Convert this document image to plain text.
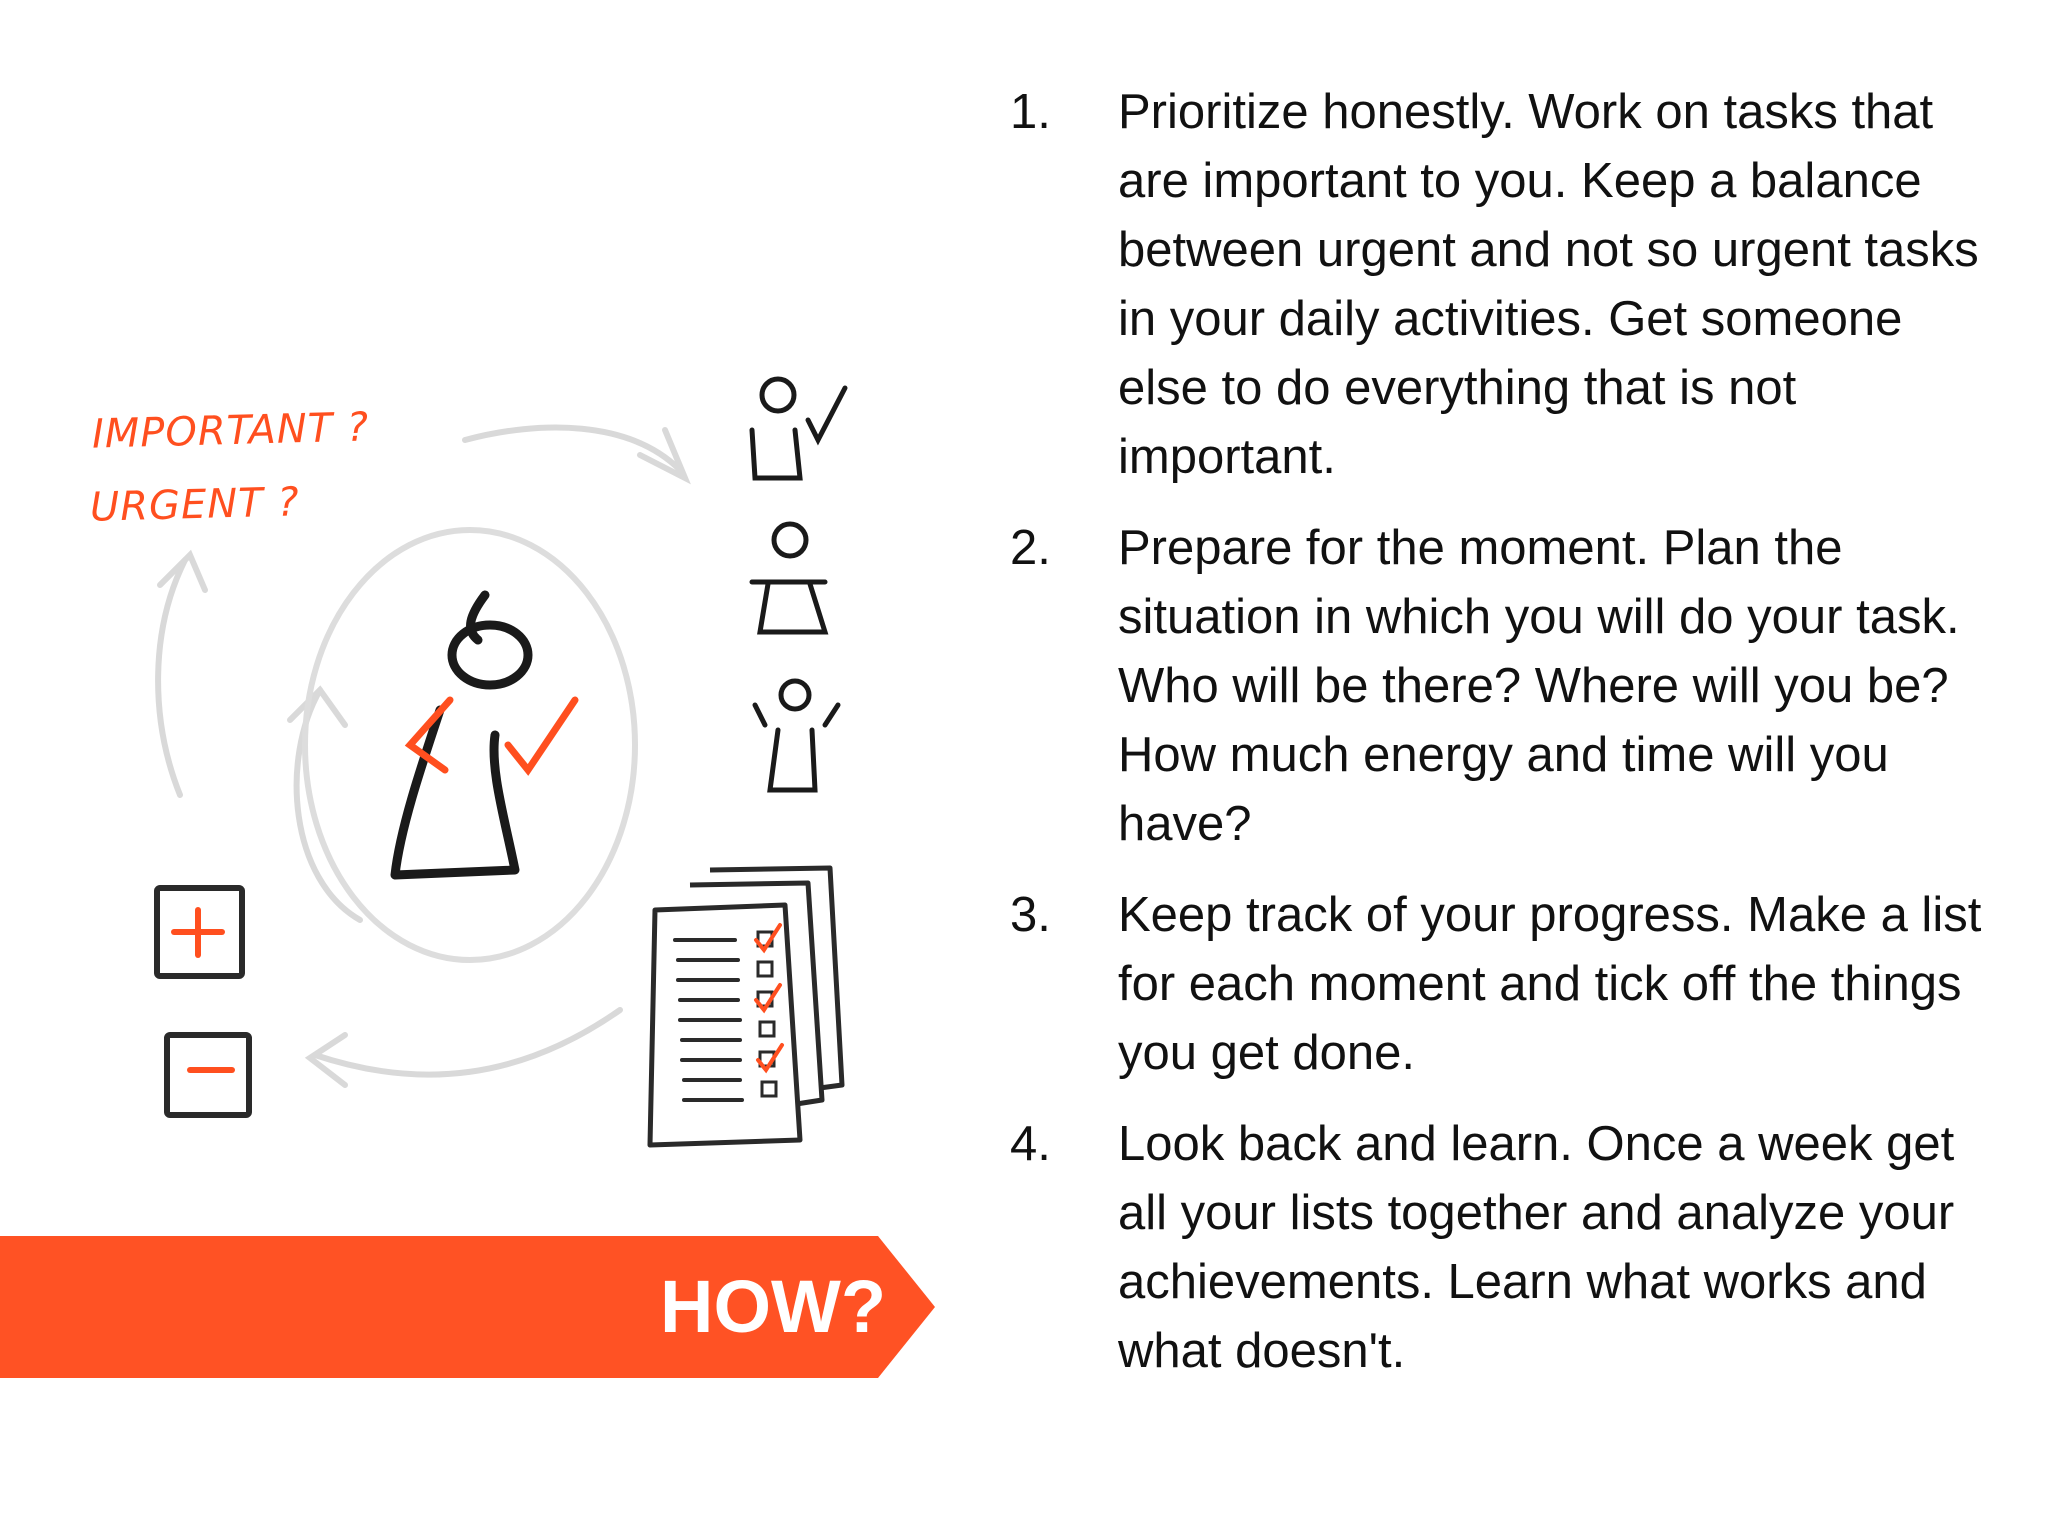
IMPORTANT ?
URGENT ?
HOW?
1.	Prioritize honestly. Work on tasks that are important to you. Keep a balance between urgent and not so urgent tasks in your daily activities. Get someone else to do everything that is not important.
2.	Prepare for the moment. Plan the situation in which you will do your task. Who will be there? Where will you be? How much energy and time will you have?
3.	Keep track of your progress. Make a list for each moment and tick off the things you get done.
4.	Look back and learn. Once a week get all your lists together and analyze your achievements. Learn what works and what doesn't.
